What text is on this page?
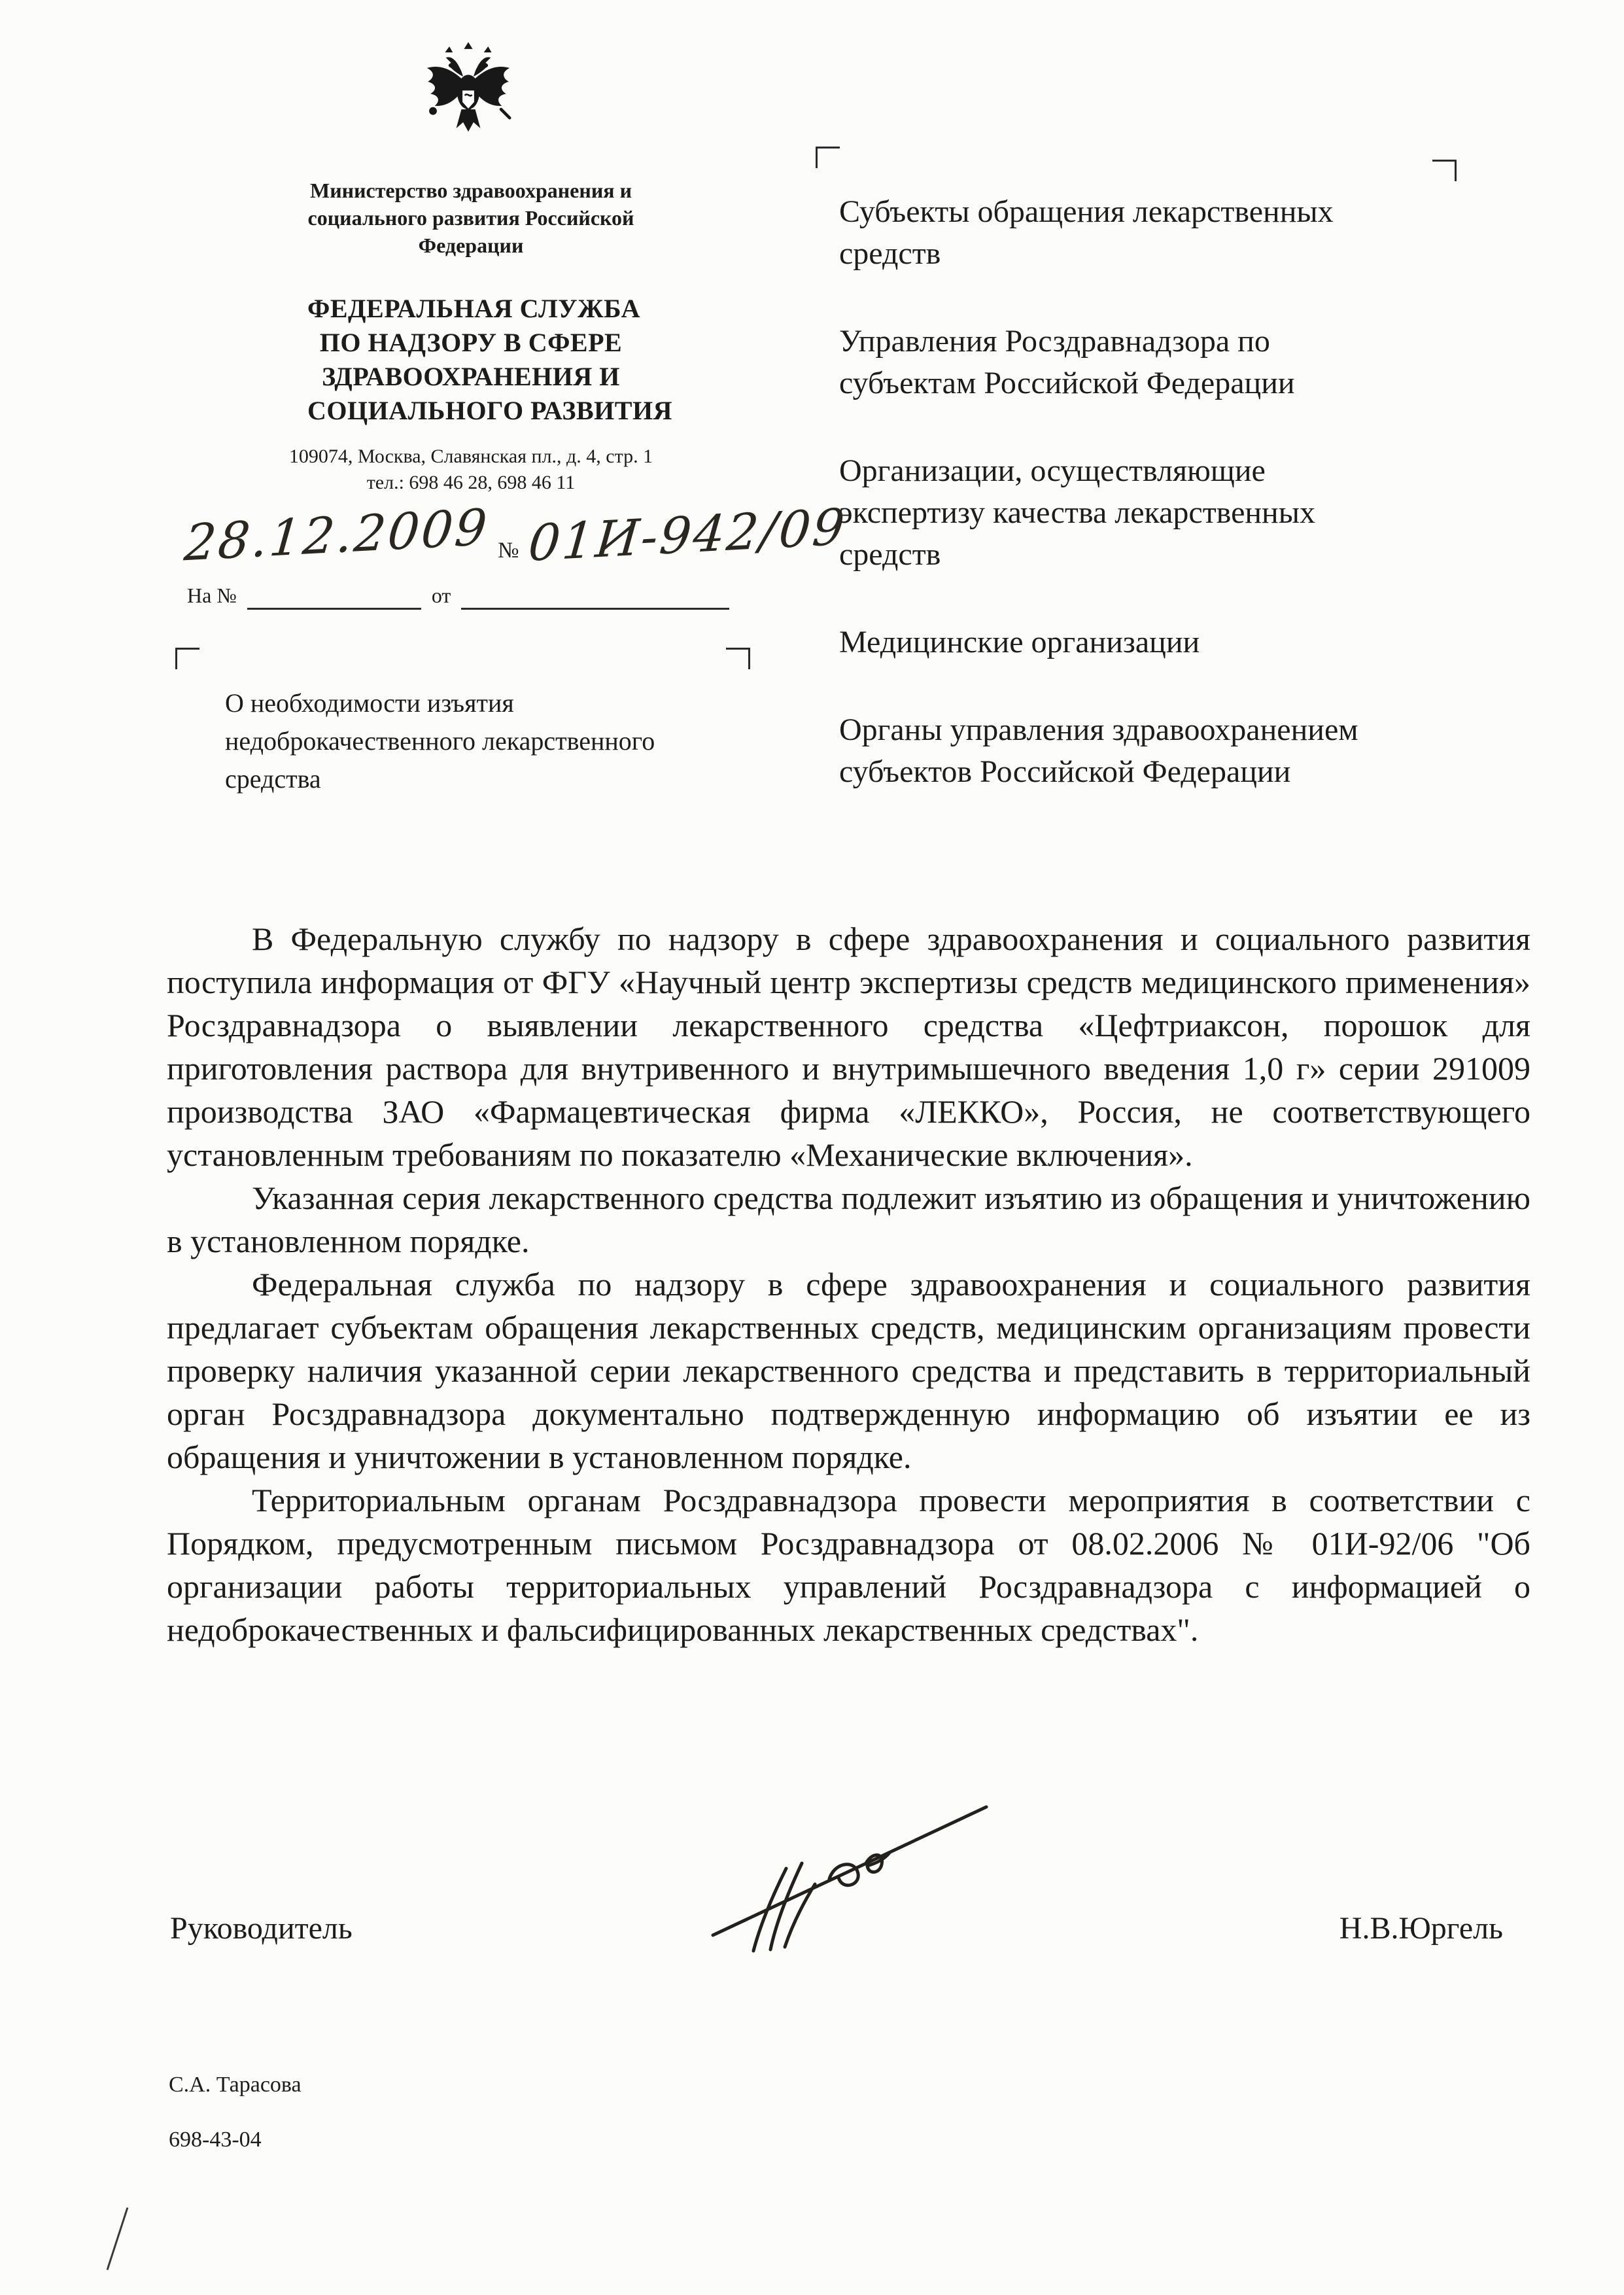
Министерство здравоохранения и социального развития Российской Федерации
ФЕДЕРАЛЬНАЯ СЛУЖБА
ПО НАДЗОРУ В СФЕРЕ
ЗДРАВООХРАНЕНИЯ И
СОЦИАЛЬНОГО РАЗВИТИЯ
109074, Москва, Славянская пл., д. 4, стр. 1
тел.: 698 46 28, 698 46 11
28.12.2009 № 01И-942/09
На №	от
О необходимости изъятия недоброкачественного лекарственного средства

Субъекты обращения лекарственных средств

Управления Росздравнадзора по субъектам Российской Федерации

Организации, осуществляющие экспертизу качества лекарственных средств

Медицинские организации

Органы управления здравоохранением субъектов Российской Федерации

В Федеральную службу по надзору в сфере здравоохранения и социального развития поступила информация от ФГУ «Научный центр экспертизы средств медицинского применения» Росздравнадзора о выявлении лекарственного средства «Цефтриаксон, порошок для приготовления раствора для внутривенного и внутримышечного введения 1,0 г» серии 291009 производства ЗАО «Фармацевтическая фирма «ЛЕККО», Россия, не соответствующего установленным требованиям по показателю «Механические включения».

Указанная серия лекарственного средства подлежит изъятию из обращения и уничтожению в установленном порядке.

Федеральная служба по надзору в сфере здравоохранения и социального развития предлагает субъектам обращения лекарственных средств, медицинским организациям провести проверку наличия указанной серии лекарственного средства и представить в территориальный орган Росздравнадзора документально подтвержденную информацию об изъятии ее из обращения и уничтожении в установленном порядке.

Территориальным органам Росздравнадзора провести мероприятия в соответствии с Порядком, предусмотренным письмом Росздравнадзора от 08.02.2006 № 01И-92/06 "Об организации работы территориальных управлений Росздравнадзора с информацией о недоброкачественных и фальсифицированных лекарственных средствах".

Руководитель	Н.В.Юргель
С.А. Тарасова
698-43-04
